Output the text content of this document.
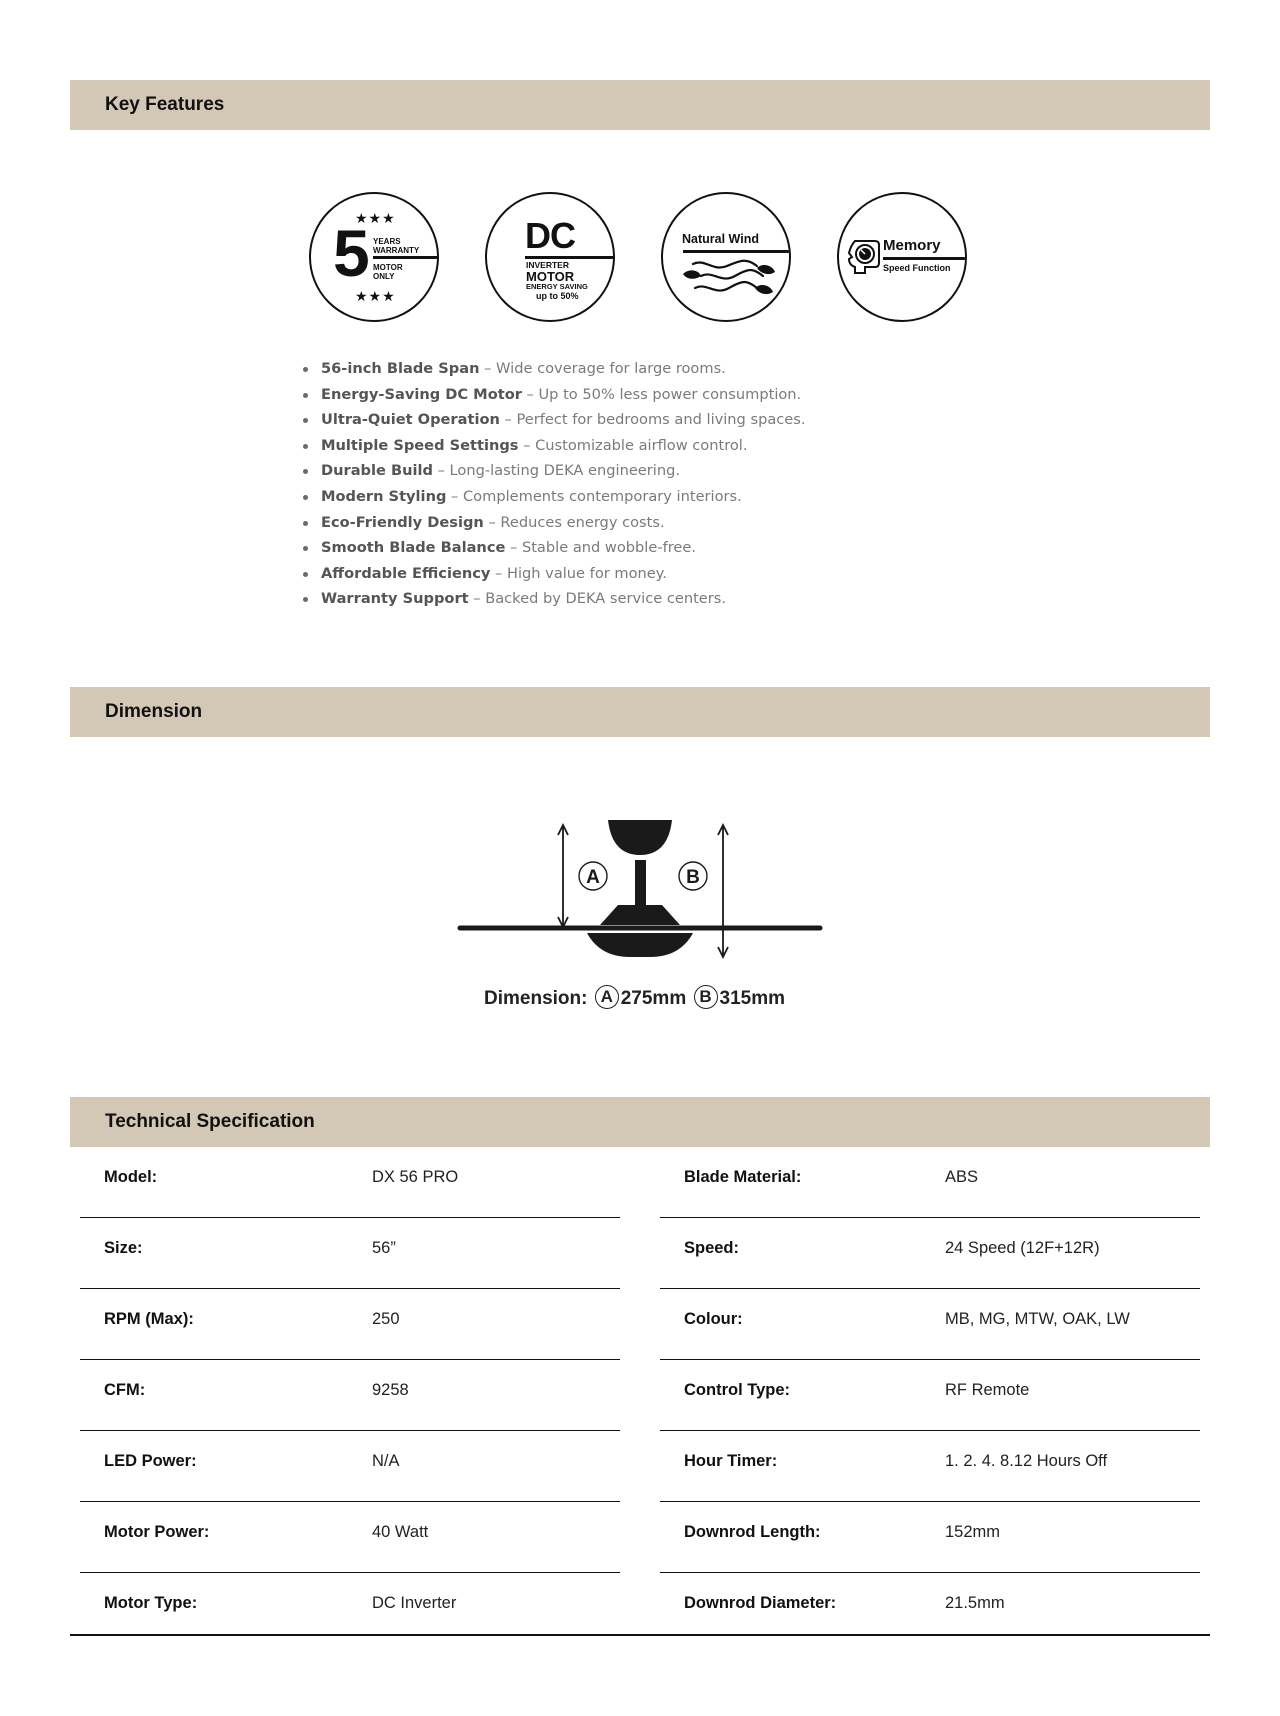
Key Features
★★★
5 YEARS
WARRANTY
MOTOR
ONLY
★★★
DC
INVERTER
MOTOR
ENERGY SAVING
up to 50%
Natural Wind	Memory
Speed Function
56-inch Blade Span – Wide coverage for large rooms.
Energy-Saving DC Motor – Up to 50% less power consumption.
Ultra-Quiet Operation – Perfect for bedrooms and living spaces.
Multiple Speed Settings – Customizable airflow control.
Durable Build – Long-lasting DEKA engineering.
Modern Styling – Complements contemporary interiors.
Eco-Friendly Design – Reduces energy costs.
Smooth Blade Balance – Stable and wobble-free.
Affordable Efficiency – High value for money.
Warranty Support – Backed by DEKA service centers.
Dimension
A	B
Dimension: A 275mm B 315mm
Technical Specification
Model:	DX 56 PRO
Size:	56”
RPM (Max):	250
CFM:	9258
LED Power:	N/A
Motor Power:	40 Watt
Motor Type:	DC Inverter
Blade Material:	ABS
Speed:	24 Speed (12F+12R)
Colour:	MB, MG, MTW, OAK, LW
Control Type:	RF Remote
Hour Timer:	1. 2. 4. 8.12 Hours Off
Downrod Length:	152mm
Downrod Diameter:	21.5mm
